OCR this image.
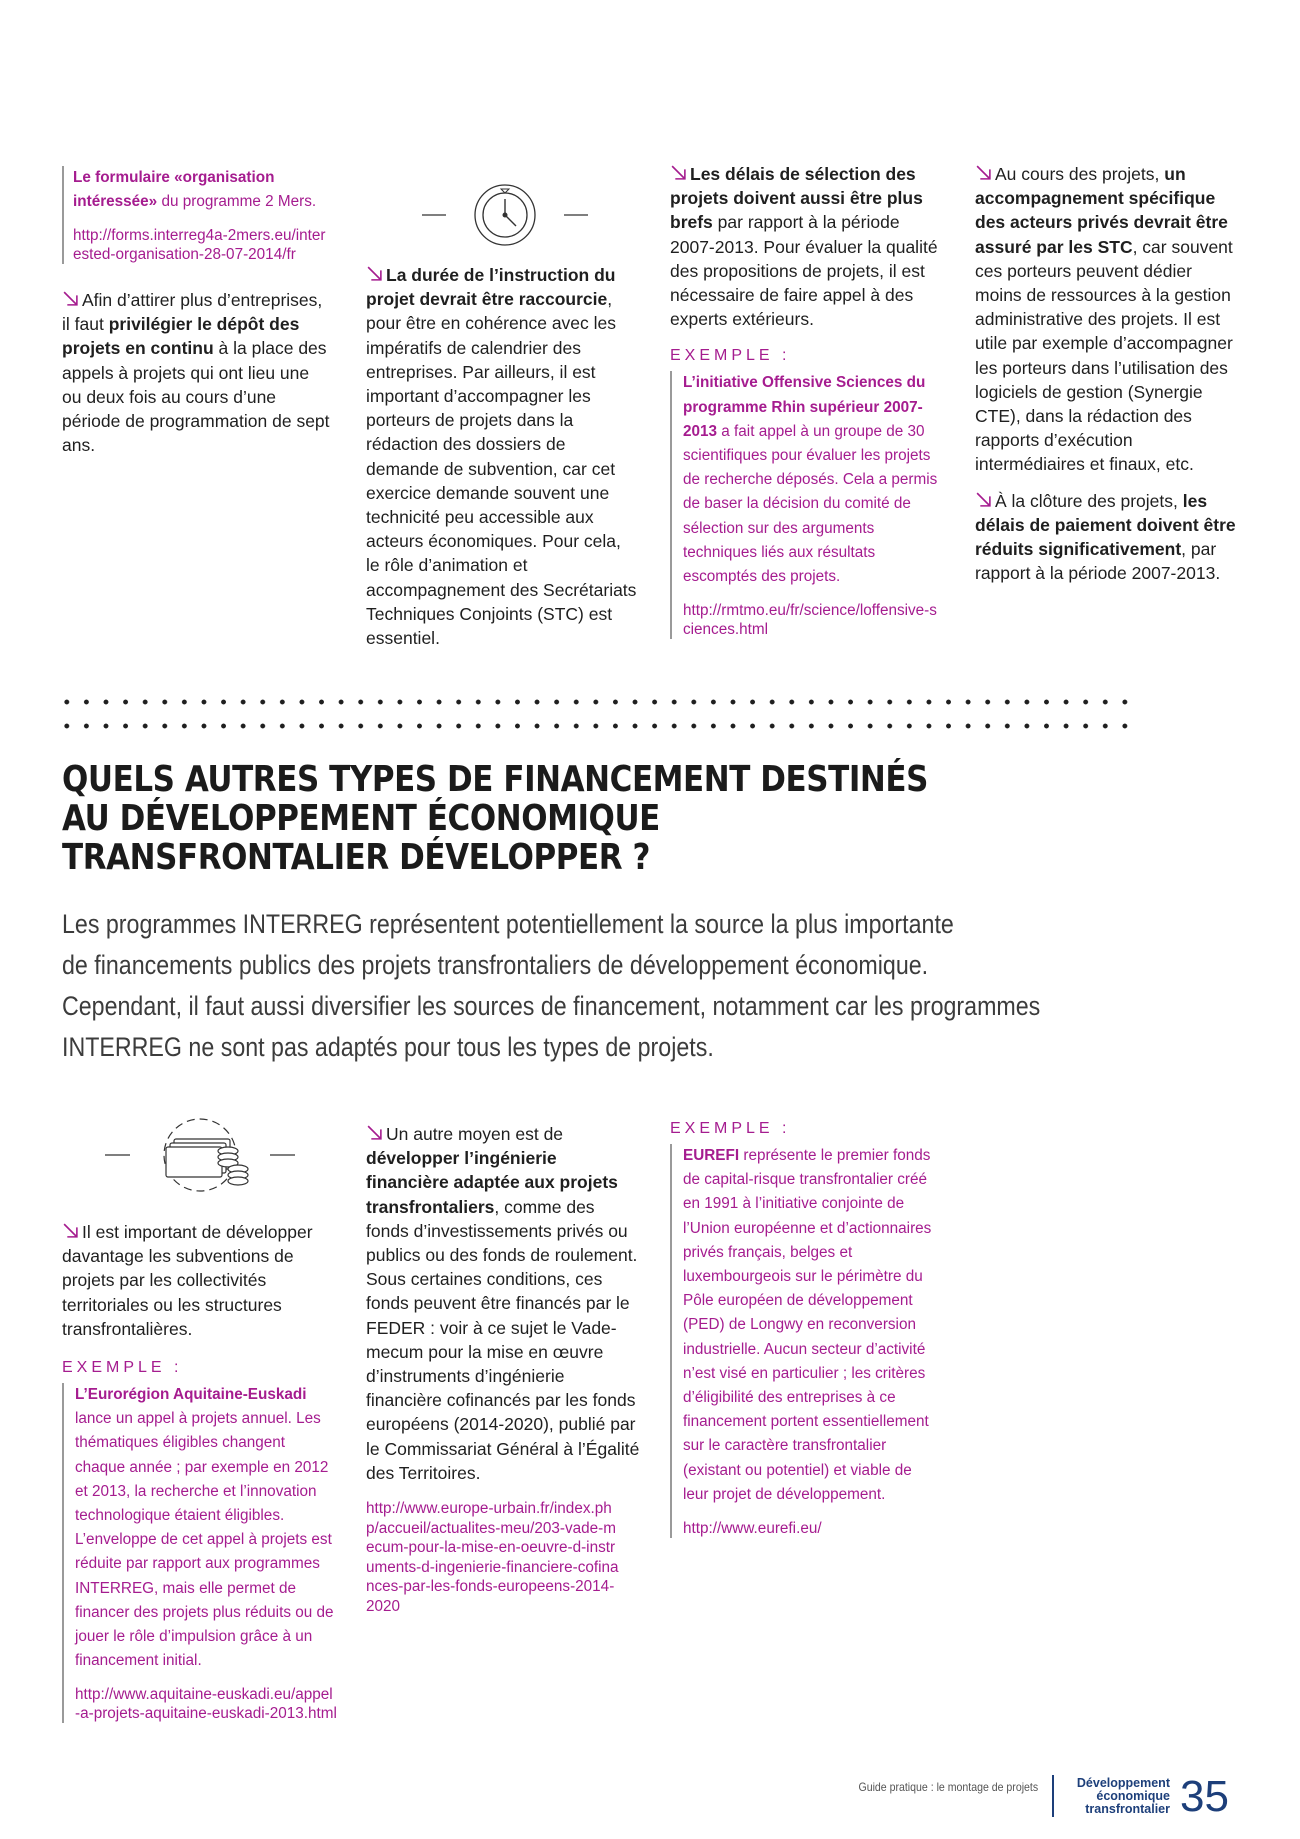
Le formulaire «organisation intéressée» du programme 2 Mers.

http://forms.interreg4a-2mers.eu/interested-organisation-28-07-2014/fr

Afin d’attirer plus d’entreprises, il faut privilégier le dépôt des projets en continu à la place des appels à projets qui ont lieu une ou deux fois au cours d’une période de programmation de sept ans.

La durée de l’instruction du projet devrait être raccourcie, pour être en cohérence avec les impératifs de calendrier des entreprises. Par ailleurs, il est important d’accompagner les porteurs de projets dans la rédaction des dossiers de demande de subvention, car cet exercice demande souvent une technicité peu accessible aux acteurs économiques. Pour cela, le rôle d’animation et accompagnement des Secrétariats Techniques Conjoints (STC) est essentiel.

Les délais de sélection des projets doivent aussi être plus brefs par rapport à la période 2007-2013. Pour évaluer la qualité des propositions de projets, il est nécessaire de faire appel à des experts extérieurs.

EXEMPLE :

L’initiative Offensive Sciences du programme Rhin supérieur 2007-2013 a fait appel à un groupe de 30 scientifiques pour évaluer les projets de recherche déposés. Cela a permis de baser la décision du comité de sélection sur des arguments techniques liés aux résultats escomptés des projets.

http://rmtmo.eu/fr/science/loffensive-sciences.html

Au cours des projets, un accompagnement spécifique des acteurs privés devrait être assuré par les STC, car souvent ces porteurs peuvent dédier moins de ressources à la gestion administrative des projets. Il est utile par exemple d’accompagner les porteurs dans l’utilisation des logiciels de gestion (Synergie CTE), dans la rédaction des rapports d’exécution intermédiaires et finaux, etc.

À la clôture des projets, les délais de paiement doivent être réduits significativement, par rapport à la période 2007-2013.

QUELS AUTRES TYPES DE FINANCEMENT DESTINÉS
AU DÉVELOPPEMENT ÉCONOMIQUE
TRANSFRONTALIER DÉVELOPPER ?
Les programmes INTERREG représentent potentiellement la source la plus importante
de financements publics des projets transfrontaliers de développement économique.
Cependant, il faut aussi diversifier les sources de financement, notamment car les programmes
INTERREG ne sont pas adaptés pour tous les types de projets.

Il est important de développer davantage les subventions de projets par les collectivités territoriales ou les structures transfrontalières.

EXEMPLE :

L’Eurorégion Aquitaine-Euskadi lance un appel à projets annuel. Les thématiques éligibles changent chaque année ; par exemple en 2012 et 2013, la recherche et l’innovation technologique étaient éligibles. L’enveloppe de cet appel à projets est réduite par rapport aux programmes INTERREG, mais elle permet de financer des projets plus réduits ou de jouer le rôle d’impulsion grâce à un financement initial.

http://www.aquitaine-euskadi.eu/appel-a-projets-aquitaine-euskadi-2013.html

Un autre moyen est de développer l’ingénierie financière adaptée aux projets transfrontaliers, comme des fonds d’investissements privés ou publics ou des fonds de roulement. Sous certaines conditions, ces fonds peuvent être financés par le FEDER : voir à ce sujet le Vade-mecum pour la mise en œuvre d’instruments d’ingénierie financière cofinancés par les fonds européens (2014-2020), publié par le Commissariat Général à l’Égalité des Territoires.

http://www.europe-urbain.fr/index.php/accueil/actualites-meu/203-vade-mecum-pour-la-mise-en-oeuvre-d-instruments-d-ingenierie-financiere-cofinances-par-les-fonds-europeens-2014-2020
EXEMPLE :

EUREFI représente le premier fonds de capital-risque transfrontalier créé en 1991 à l’initiative conjointe de l’Union européenne et d’actionnaires privés français, belges et luxembourgeois sur le périmètre du Pôle européen de développement (PED) de Longwy en reconversion industrielle. Aucun secteur d’activité n’est visé en particulier ; les critères d’éligibilité des entreprises à ce financement portent essentiellement sur le caractère transfrontalier (existant ou potentiel) et viable de leur projet de développement.

http://www.eurefi.eu/
Guide pratique : le montage de projets	Développement
économique
transfrontalier 35
